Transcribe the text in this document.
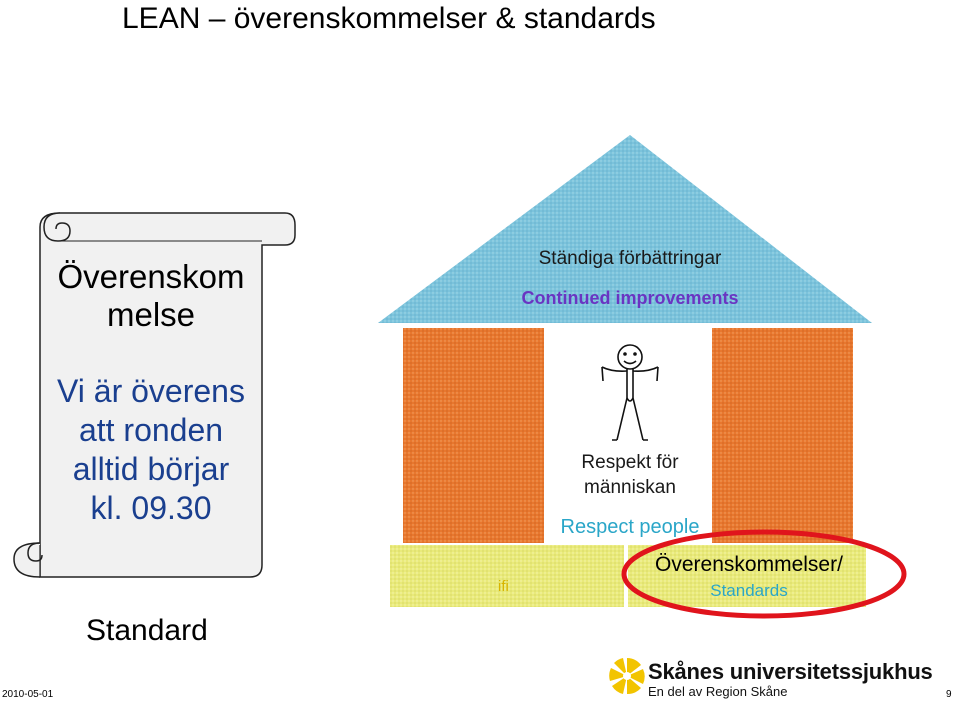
LEAN – överenskommelser & standards
Överenskom
melse
Vi är överens
att ronden
alltid börjar
kl. 09.30
Standard
Ständiga förbättringar
Continued improvements
Respekt för
människan
Respect people
ifi
Överenskommelser/
Standards
Skånes universitetssjukhus
En del av Region Skåne
2010-05-01	9
